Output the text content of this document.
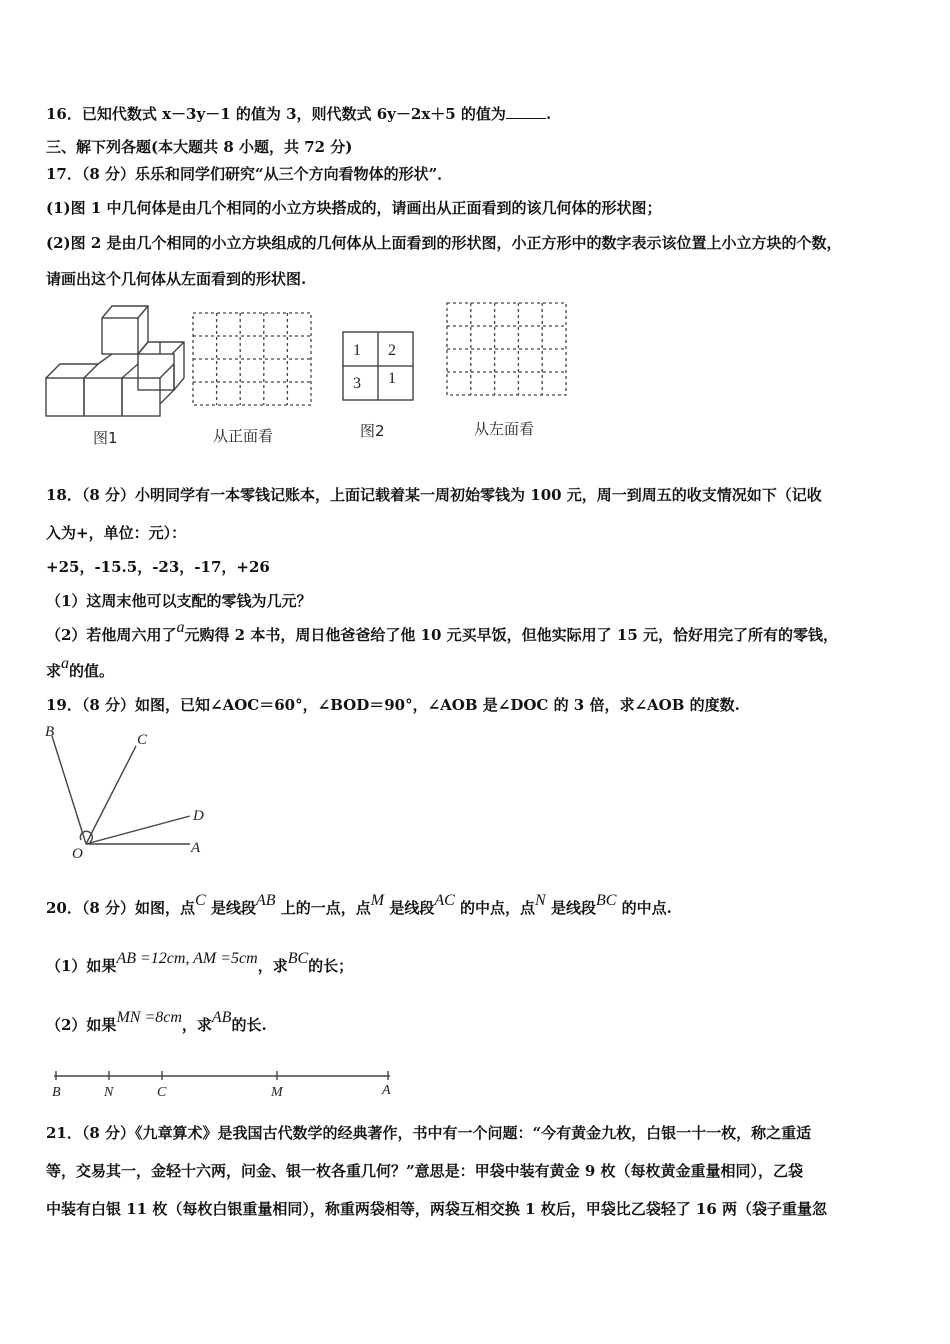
16．已知代数式 x－3y－1 的值为 3，则代数式 6y－2x＋5 的值为	.
三、解下列各题(本大题共 8 小题，共 72 分)
17．（8 分）乐乐和同学们研究“从三个方向看物体的形状”．
(1)图 1 中几何体是由几个相同的小立方块搭成的，请画出从正面看到的该几何体的形状图；
(2)图 2 是由几个相同的小立方块组成的几何体从上面看到的形状图，小正方形中的数字表示该位置上小立方块的个数，
请画出这个几何体从左面看到的形状图.
图1	从正面看
1 2
3 1
图2	从左面看
18．（8 分）小明同学有一本零钱记账本，上面记载着某一周初始零钱为 100 元，周一到周五的收支情况如下（记收
入为+，单位：元）：
+25，-15.5，-23，-17，+26
（1）这周末他可以支配的零钱为几元？
（2）若他周六用了a元购得 2 本书，周日他爸爸给了他 10 元买早饭，但他实际用了 15 元，恰好用完了所有的零钱，
求a的值。
19．（8 分）如图，已知∠AOC＝60°，∠BOD＝90°，∠AOB 是∠DOC 的 3 倍，求∠AOB 的度数.
B	C
D
O	A
20．（8 分）如图，点C 是线段AB 上的一点，点M 是线段AC 的中点，点N 是线段BC 的中点.
（1）如果AB =12cm, AM =5cm，求BC的长；
（2）如果MN =8cm，求AB的长.
B	N	C	M	A
21．（8 分）《九章算术》是我国古代数学的经典著作，书中有一个问题：“今有黄金九枚，白银一十一枚，称之重适
等，交易其一，金轻十六两，问金、银一枚各重几何？”意思是：甲袋中装有黄金 9 枚（每枚黄金重量相同），乙袋
中装有白银 11 枚（每枚白银重量相同），称重两袋相等，两袋互相交换 1 枚后，甲袋比乙袋轻了 16 两（袋子重量忽
